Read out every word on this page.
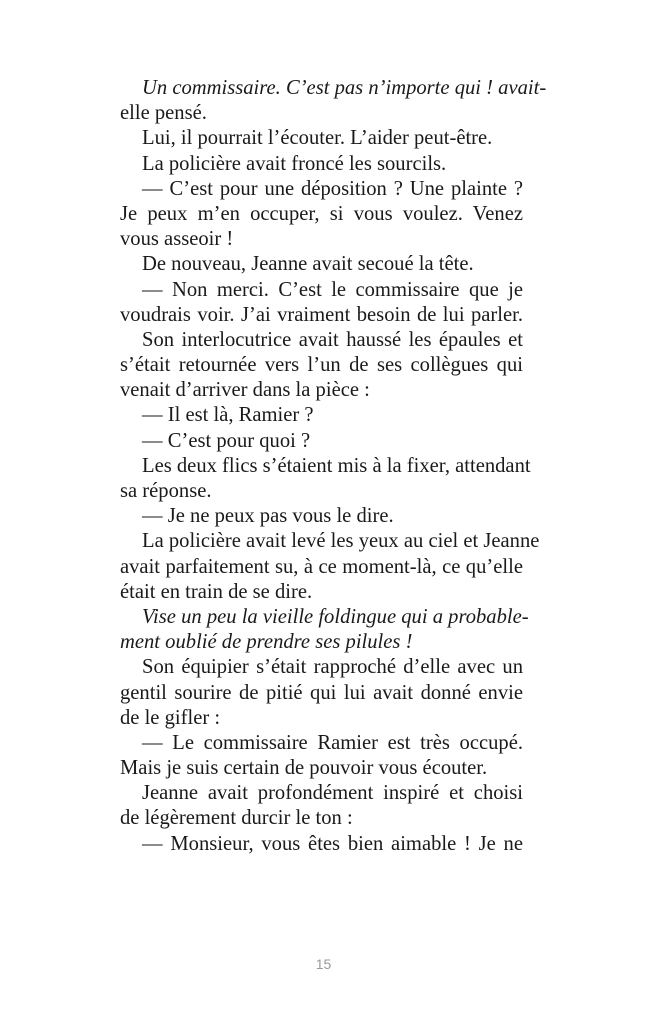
Un commissaire. C’est pas n’importe qui ! avait-
elle pensé.
Lui, il pourrait l’écouter. L’aider peut-être.
La policière avait froncé les sourcils.
— C’est pour une déposition ? Une plainte ?
Je peux m’en occuper, si vous voulez. Venez
vous asseoir !
De nouveau, Jeanne avait secoué la tête.
— Non merci. C’est le commissaire que je
voudrais voir. J’ai vraiment besoin de lui parler.
Son interlocutrice avait haussé les épaules et
s’était retournée vers l’un de ses collègues qui
venait d’arriver dans la pièce :
— Il est là, Ramier ?
— C’est pour quoi ?
Les deux flics s’étaient mis à la fixer, attendant
sa réponse.
— Je ne peux pas vous le dire.
La policière avait levé les yeux au ciel et Jeanne
avait parfaitement su, à ce moment-là, ce qu’elle
était en train de se dire.
Vise un peu la vieille foldingue qui a probable-
ment oublié de prendre ses pilules !
Son équipier s’était rapproché d’elle avec un
gentil sourire de pitié qui lui avait donné envie
de le gifler :
— Le commissaire Ramier est très occupé.
Mais je suis certain de pouvoir vous écouter.
Jeanne avait profondément inspiré et choisi
de légèrement durcir le ton :
— Monsieur, vous êtes bien aimable ! Je ne
15
